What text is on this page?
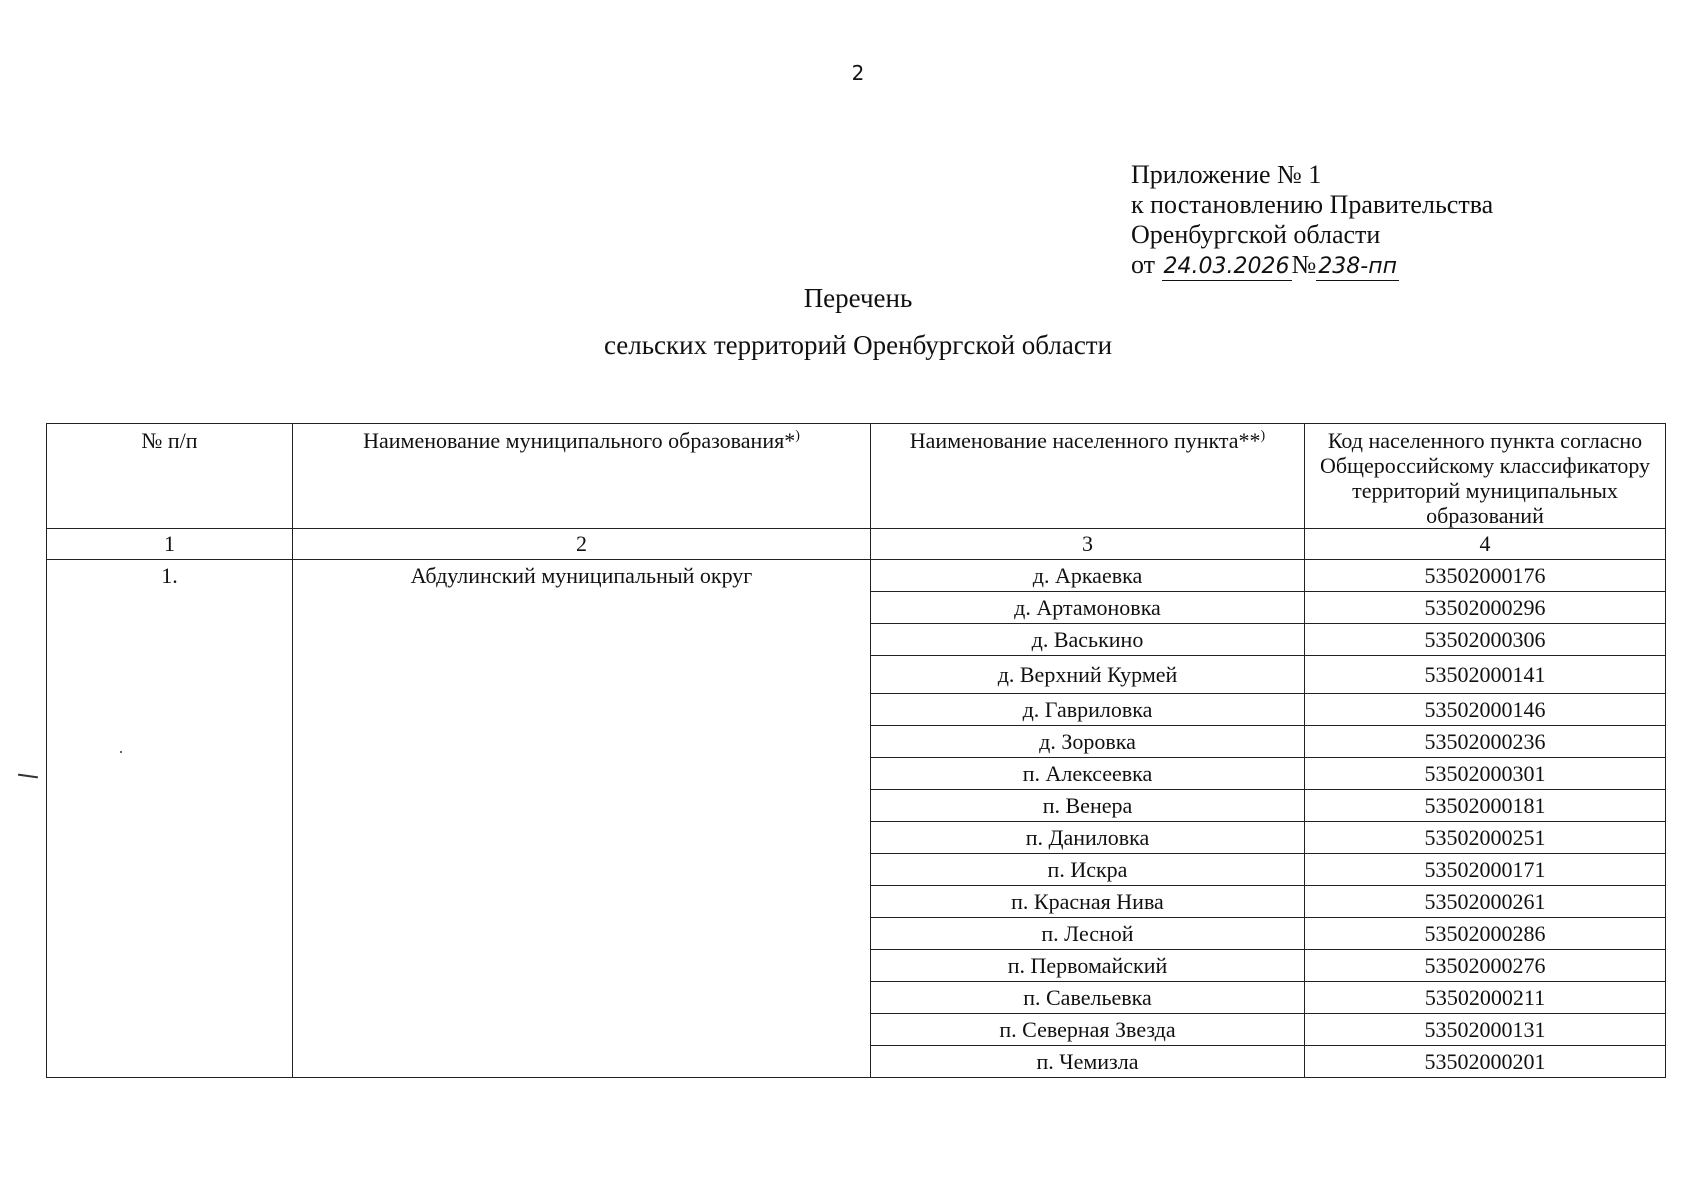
2
Приложение № 1
к постановлению Правительства
Оренбургской области
от 24.03.2026№238-пп
Перечень
сельских территорий Оренбургской области
№ п/п	Наименование муниципального образования*)	Наименование населенного пункта**)	Код населенного пункта согласно Общероссийскому классификатору территорий муниципальных образований
1	2	3	4
1.	Абдулинский муниципальный округ	д. Аркаевка	53502000176
		д. Артамоновка	53502000296
		д. Васькино	53502000306
		д. Верхний Курмей	53502000141
		д. Гавриловка	53502000146
		д. Зоровка	53502000236
		п. Алексеевка	53502000301
		п. Венера	53502000181
		п. Даниловка	53502000251
		п. Искра	53502000171
		п. Красная Нива	53502000261
		п. Лесной	53502000286
		п. Первомайский	53502000276
		п. Савельевка	53502000211
		п. Северная Звезда	53502000131
		п. Чемизла	53502000201
